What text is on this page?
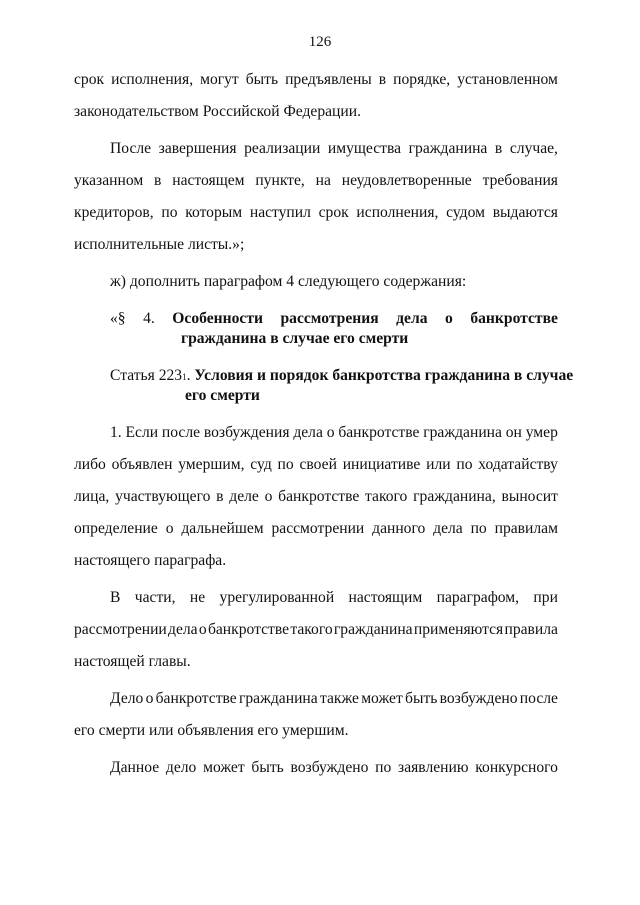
126
срок исполнения, могут быть предъявлены в порядке, установленном
законодательством Российской Федерации.
После завершения реализации имущества гражданина в случае,
указанном в настоящем пункте, на неудовлетворенные требования
кредиторов, по которым наступил срок исполнения, судом выдаются
исполнительные листы.»;
ж) дополнить параграфом 4 следующего содержания:
«§ 4. Особенности рассмотрения дела о банкротстве
гражданина в случае его смерти
Статья 223 1 . Условия и порядок банкротства гражданина в случае
его смерти
1. Если после возбуждения дела о банкротстве гражданина он умер
либо объявлен умершим, суд по своей инициативе или по ходатайству
лица, участвующего в деле о банкротстве такого гражданина, выносит
определение о дальнейшем рассмотрении данного дела по правилам
настоящего параграфа.
В части, не урегулированной настоящим параграфом, при
рассмотрении дела о банкротстве такого гражданина применяются правила
настоящей главы.
Дело о банкротстве гражданина также может быть возбуждено после
его смерти или объявления его умершим.
Данное дело может быть возбуждено по заявлению конкурсного
